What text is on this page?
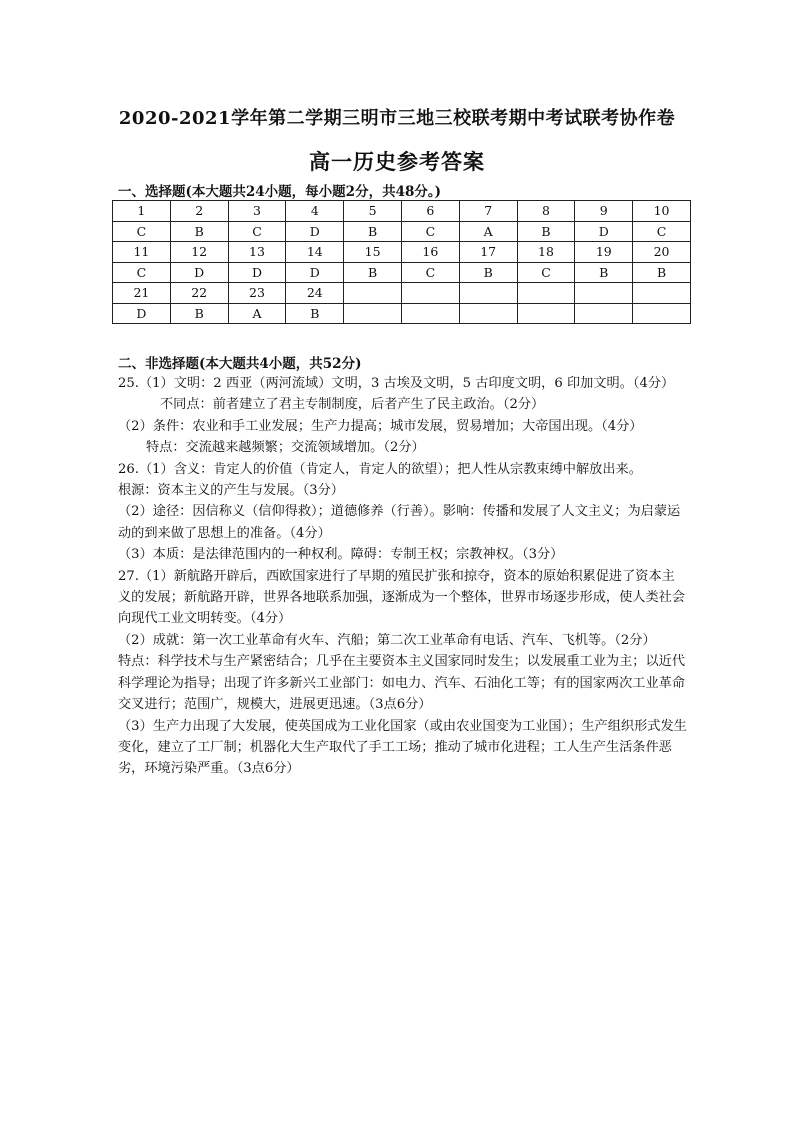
2020-2021学年第二学期三明市三地三校联考期中考试联考协作卷
高一历史参考答案
一、选择题(本大题共24小题，每小题2分，共48分。)
1	2	3	4	5	6	7	8	9	10
C	B	C	D	B	C	A	B	D	C
11	12	13	14	15	16	17	18	19	20
C	D	D	D	B	C	B	C	B	B
21	22	23	24						
D	B	A	B						
二、非选择题(本大题共4小题，共52分)

25.（1）文明：2 西亚（两河流域）文明，3 古埃及文明，5 古印度文明，6 印加文明。（4分）

不同点：前者建立了君主专制制度，后者产生了民主政治。（2分）

（2）条件：农业和手工业发展；生产力提高；城市发展，贸易增加；大帝国出现。（4分）

特点：交流越来越频繁；交流领域增加。（2分）

26.（1）含义：肯定人的价值（肯定人，肯定人的欲望）；把人性从宗教束缚中解放出来。

根源：资本主义的产生与发展。（3分）

（2）途径：因信称义（信仰得救）；道德修养（行善）。影响：传播和发展了人文主义；为启蒙运动的到来做了思想上的准备。（4分）

（3）本质：是法律范围内的一种权利。障碍：专制王权；宗教神权。（3分）

27.（1）新航路开辟后，西欧国家进行了早期的殖民扩张和掠夺，资本的原始积累促进了资本主义的发展；新航路开辟，世界各地联系加强，逐渐成为一个整体，世界市场逐步形成，使人类社会向现代工业文明转变。（4分）

（2）成就：第一次工业革命有火车、汽船；第二次工业革命有电话、汽车、飞机等。（2分）

特点：科学技术与生产紧密结合；几乎在主要资本主义国家同时发生；以发展重工业为主；以近代科学理论为指导；出现了许多新兴工业部门：如电力、汽车、石油化工等；有的国家两次工业革命交叉进行；范围广，规模大，进展更迅速。（3点6分）

（3）生产力出现了大发展，使英国成为工业化国家（或由农业国变为工业国）；生产组织形式发生变化，建立了工厂制；机器化大生产取代了手工工场；推动了城市化进程；工人生产生活条件恶劣，环境污染严重。（3点6分）
